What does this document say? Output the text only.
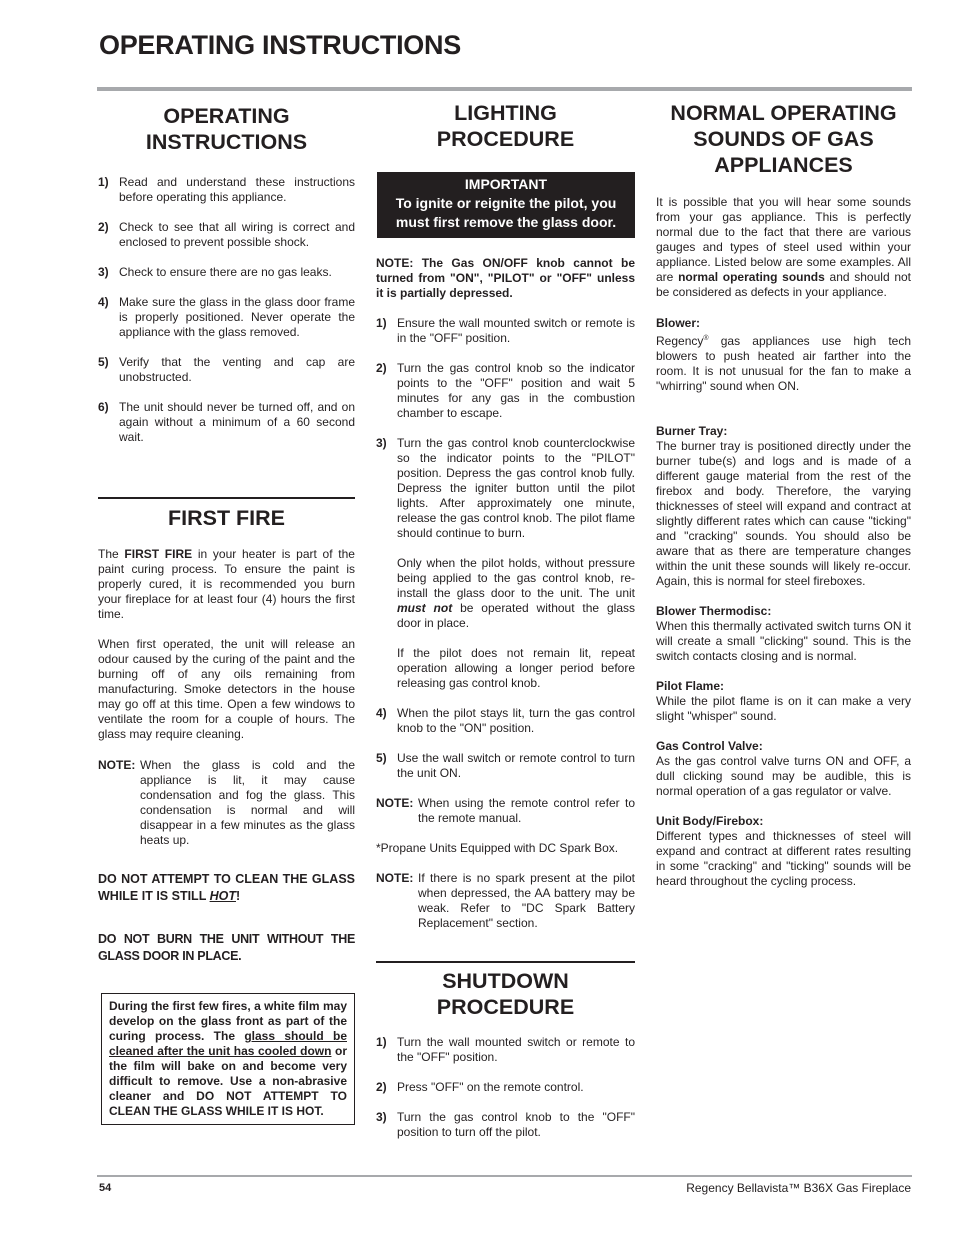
OPERATING INSTRUCTIONS
OPERATING INSTRUCTIONS
1) Read and understand these instructions before operating this appliance.
2) Check to see that all wiring is correct and enclosed to prevent possible shock.
3) Check to ensure there are no gas leaks.
4) Make sure the glass in the glass door frame is properly positioned. Never operate the appliance with the glass removed.
5) Verify that the venting and cap are unobstructed.
6) The unit should never be turned off, and on again without a minimum of a 60 second wait.
FIRST FIRE

The FIRST FIRE in your heater is part of the paint curing process. To ensure the paint is properly cured, it is recommended you burn your fireplace for at least four (4) hours the first time.

When first operated, the unit will release an odour caused by the curing of the paint and the burning off of any oils remaining from manufacturing. Smoke detectors in the house may go off at this time. Open a few windows to ventilate the room for a couple of hours. The glass may require cleaning.

NOTE: When the glass is cold and the appliance is lit, it may cause condensation and fog the glass. This condensation is normal and will disappear in a few minutes as the glass heats up.

DO NOT ATTEMPT TO CLEAN THE GLASS WHILE IT IS STILL HOT!

DO NOT BURN THE UNIT WITHOUT THE GLASS DOOR IN PLACE.

During the first few fires, a white film may develop on the glass front as part of the curing process. The glass should be cleaned after the unit has cooled down or the film will bake on and become very difficult to remove. Use a non-abrasive cleaner and DO NOT ATTEMPT TO CLEAN THE GLASS WHILE IT IS HOT.
LIGHTING PROCEDURE
IMPORTANT
To ignite or reignite the pilot, you must first remove the glass door.

NOTE: The Gas ON/OFF knob cannot be turned from "ON", "PILOT" or "OFF" unless it is partially depressed.

1) Ensure the wall mounted switch or remote is in the "OFF" position.
2) Turn the gas control knob so the indicator points to the "OFF" position and wait 5 minutes for any gas in the combustion chamber to escape.
3) Turn the gas control knob counterclockwise so the indicator points to the "PILOT" position. Depress the gas control knob fully. Depress the igniter button until the pilot lights. After approximately one minute, release the gas control knob. The pilot flame should continue to burn.

Only when the pilot holds, without pressure being applied to the gas control knob, re-install the glass door to the unit. The unit must not be operated without the glass door in place.

If the pilot does not remain lit, repeat operation allowing a longer period before releasing gas control knob.

4) When the pilot stays lit, turn the gas control knob to the "ON" position.
5) Use the wall switch or remote control to turn the unit ON.
NOTE: When using the remote control refer to the remote manual.

*Propane Units Equipped with DC Spark Box.

NOTE: If there is no spark present at the pilot when depressed, the AA battery may be weak. Refer to "DC Spark Battery Replacement" section.
SHUTDOWN PROCEDURE
1) Turn the wall mounted switch or remote to the "OFF" position.
2) Press "OFF" on the remote control.
3) Turn the gas control knob to the "OFF" position to turn off the pilot.
NORMAL OPERATING SOUNDS OF GAS APPLIANCES

It is possible that you will hear some sounds from your gas appliance. This is perfectly normal due to the fact that there are various gauges and types of steel used within your appliance. Listed below are some examples. All are normal operating sounds and should not be considered as defects in your appliance.

Blower:

Regency® gas appliances use high tech blowers to push heated air farther into the room. It is not unusual for the fan to make a "whirring" sound when ON.

Burner Tray:

The burner tray is positioned directly under the burner tube(s) and logs and is made of a different gauge material from the rest of the firebox and body. Therefore, the varying thicknesses of steel will expand and contract at slightly different rates which can cause "ticking" and "cracking" sounds. You should also be aware that as there are temperature changes within the unit these sounds will likely re-occur. Again, this is normal for steel fireboxes.

Blower Thermodisc:

When this thermally activated switch turns ON it will create a small "clicking" sound. This is the switch contacts closing and is normal.

Pilot Flame:

While the pilot flame is on it can make a very slight "whisper" sound.

Gas Control Valve:

As the gas control valve turns ON and OFF, a dull clicking sound may be audible, this is normal operation of a gas regulator or valve.

Unit Body/Firebox:

Different types and thicknesses of steel will expand and contract at different rates resulting in some "cracking" and "ticking" sounds will be heard throughout the cycling process.

54	Regency Bellavista™ B36X Gas Fireplace
